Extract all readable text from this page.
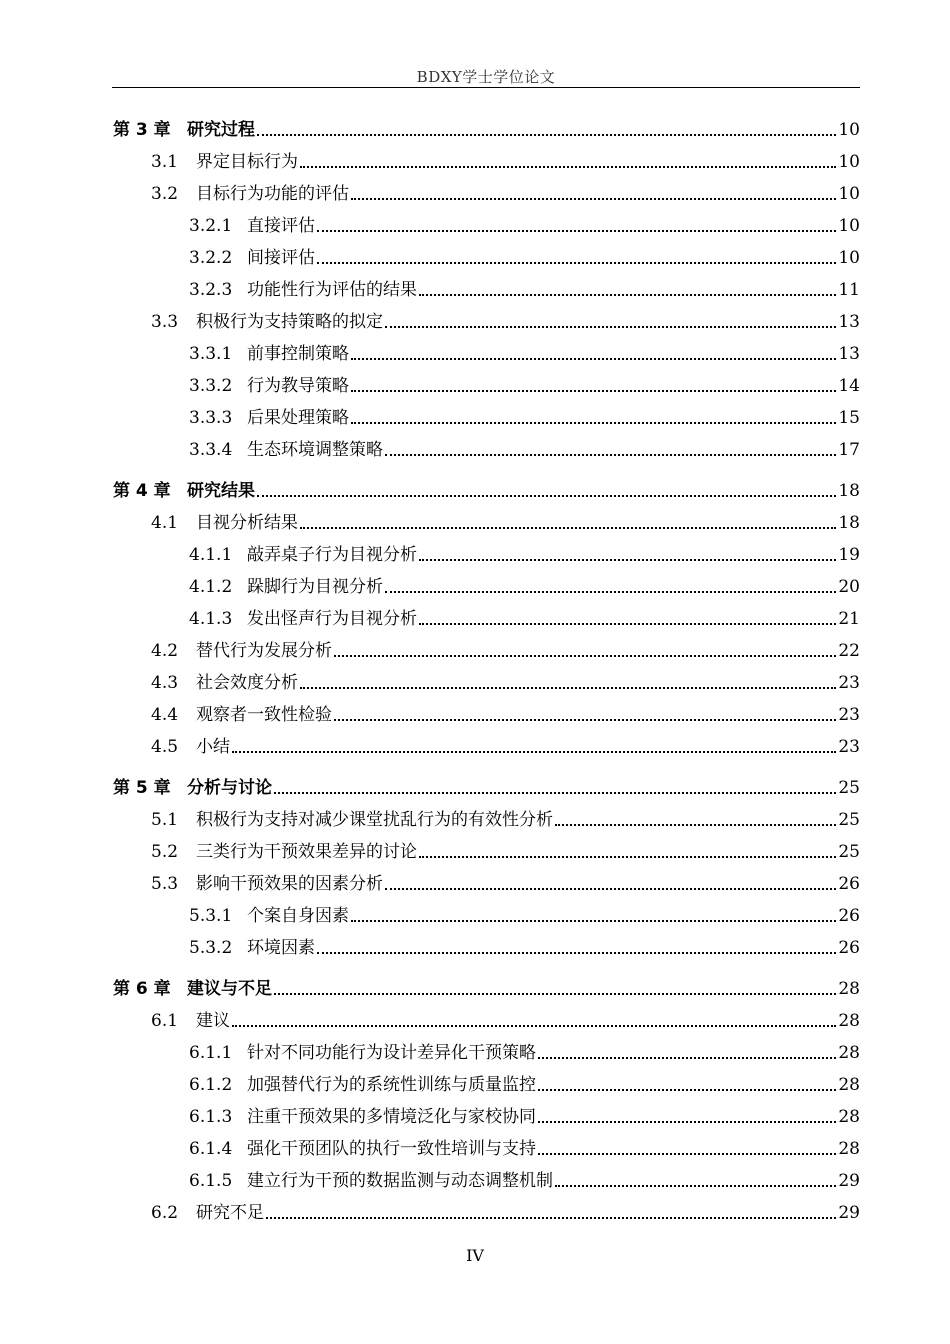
BDXY学士学位论文
第 3 章 研究过程	10
3.1	界定目标行为	10
3.2	目标行为功能的评估	10
3.2.1 直接评估	10
3.2.2 间接评估	10
3.2.3 功能性行为评估的结果	11
3.3	积极行为支持策略的拟定	13
3.3.1 前事控制策略	13
3.3.2 行为教导策略	14
3.3.3 后果处理策略	15
3.3.4 生态环境调整策略	17
第 4 章 研究结果	18
4.1	目视分析结果	18
4.1.1 敲弄桌子行为目视分析	19
4.1.2 跺脚行为目视分析	20
4.1.3 发出怪声行为目视分析	21
4.2	替代行为发展分析	22
4.3	社会效度分析	23
4.4	观察者一致性检验	23
4.5	小结	23
第 5 章 分析与讨论	25
5.1	积极行为支持对减少课堂扰乱行为的有效性分析	25
5.2	三类行为干预效果差异的讨论	25
5.3	影响干预效果的因素分析	26
5.3.1 个案自身因素	26
5.3.2 环境因素	26
第 6 章 建议与不足	28
6.1	建议	28
6.1.1 针对不同功能行为设计差异化干预策略	28
6.1.2 加强替代行为的系统性训练与质量监控	28
6.1.3 注重干预效果的多情境泛化与家校协同	28
6.1.4 强化干预团队的执行一致性培训与支持	28
6.1.5 建立行为干预的数据监测与动态调整机制	29
6.2	研究不足	29
IV
